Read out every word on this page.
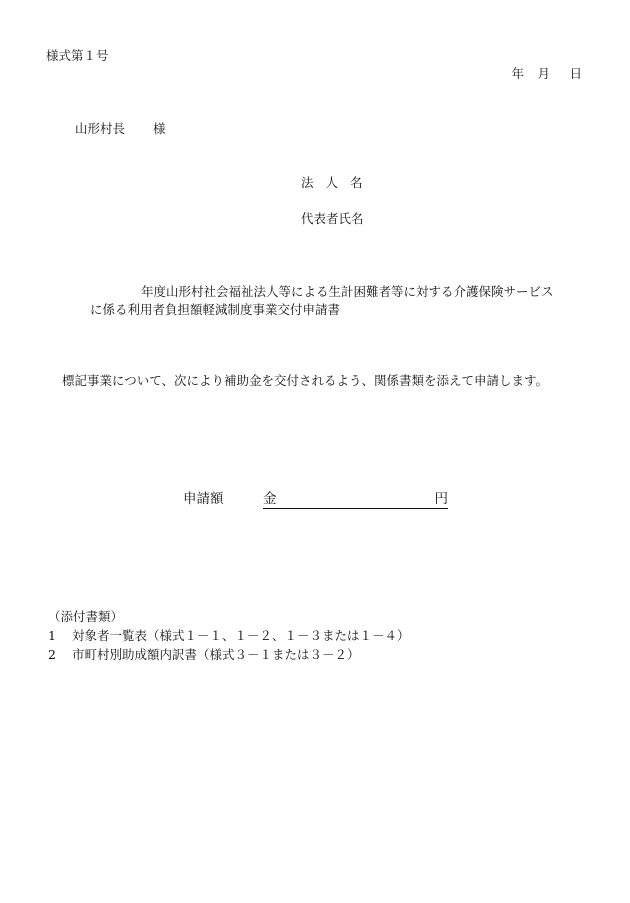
様式第１号
年	月	日
山形村長 様
法人名
代表者氏名
年度山形村社会福祉法人等による生計困難者等に対する介護保険サービス
に係る利用者負担額軽減制度事業交付申請書
標記事業について、次により補助金を交付されるよう、関係書類を添えて申請します。
申請額	金	円
（添付書類）
1 対象者一覧表（様式１－１、１－２、１－３または１－４）
2 市町村別助成額内訳書（様式３－１または３－２）
